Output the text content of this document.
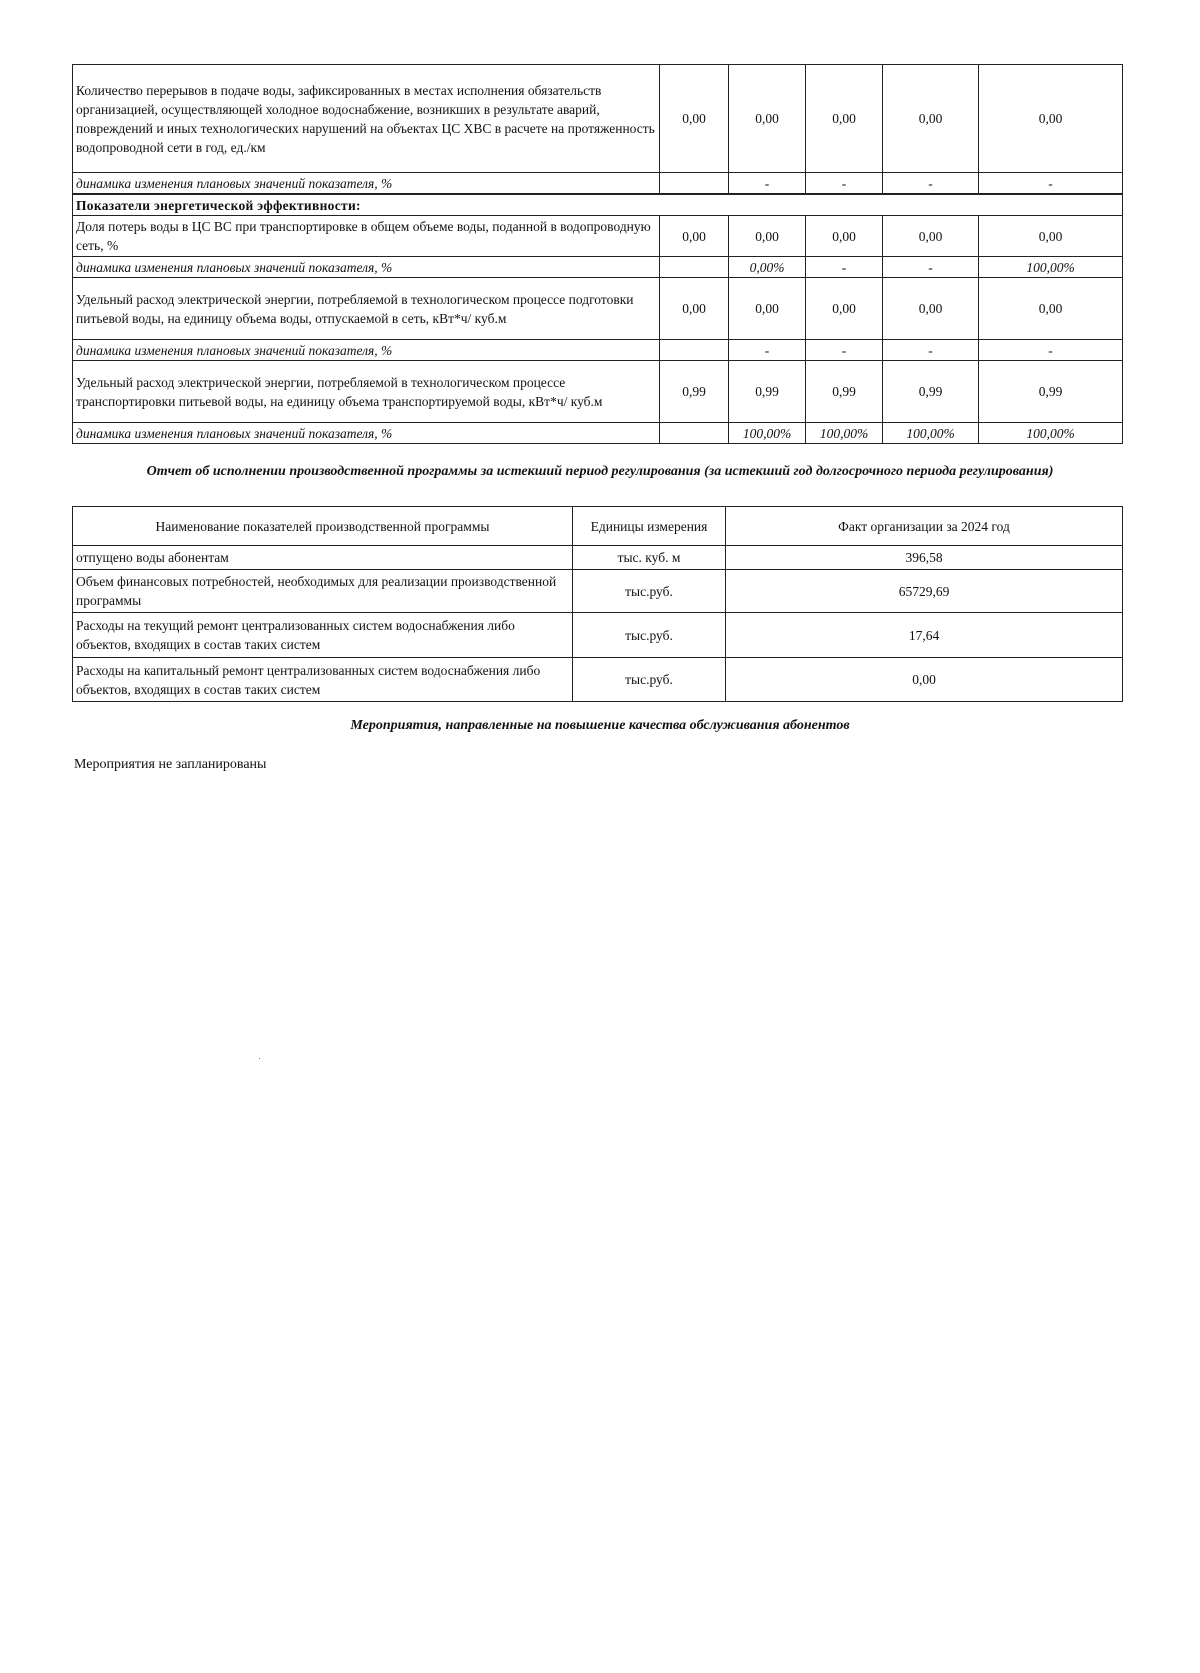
Количество перерывов в подаче воды, зафиксированных в местах исполнения обязательств организацией, осуществляющей холодное водоснабжение, возникших в результате аварий, повреждений и иных технологических нарушений на объектах ЦС ХВС в расчете на протяженность водопроводной сети в год, ед./км	0,00	0,00	0,00	0,00	0,00
динамика изменения плановых значений показателя, %		-	-	-	-
Показатели энергетической эффективности:					
Доля потерь воды в ЦС ВС при транспортировке в общем объеме воды, поданной в водопроводную сеть, %	0,00	0,00	0,00	0,00	0,00
динамика изменения плановых значений показателя, %		0,00%	-	-	100,00%
Удельный расход электрической энергии, потребляемой в технологическом процессе подготовки питьевой воды, на единицу объема воды, отпускаемой в сеть, кВт*ч/ куб.м	0,00	0,00	0,00	0,00	0,00
динамика изменения плановых значений показателя, %		-	-	-	-
Удельный расход электрической энергии, потребляемой в технологическом процессе транспортировки питьевой воды, на единицу объема транспортируемой воды, кВт*ч/ куб.м	0,99	0,99	0,99	0,99	0,99
динамика изменения плановых значений показателя, %		100,00%	100,00%	100,00%	100,00%
Отчет об исполнении производственной программы за истекший период регулирования (за истекший год долгосрочного периода регулирования)
Наименование показателей производственной программы	Единицы измерения	Факт организации за 2024 год
отпущено воды абонентам	тыс. куб. м	396,58
Объем финансовых потребностей, необходимых для реализации производственной программы	тыс.руб.	65729,69
Расходы на текущий ремонт централизованных систем водоснабжения либо объектов, входящих в состав таких систем	тыс.руб.	17,64
Расходы на капитальный ремонт централизованных систем водоснабжения либо объектов, входящих в состав таких систем	тыс.руб.	0,00
Мероприятия, направленные на повышение качества обслуживания абонентов
Мероприятия не запланированы
